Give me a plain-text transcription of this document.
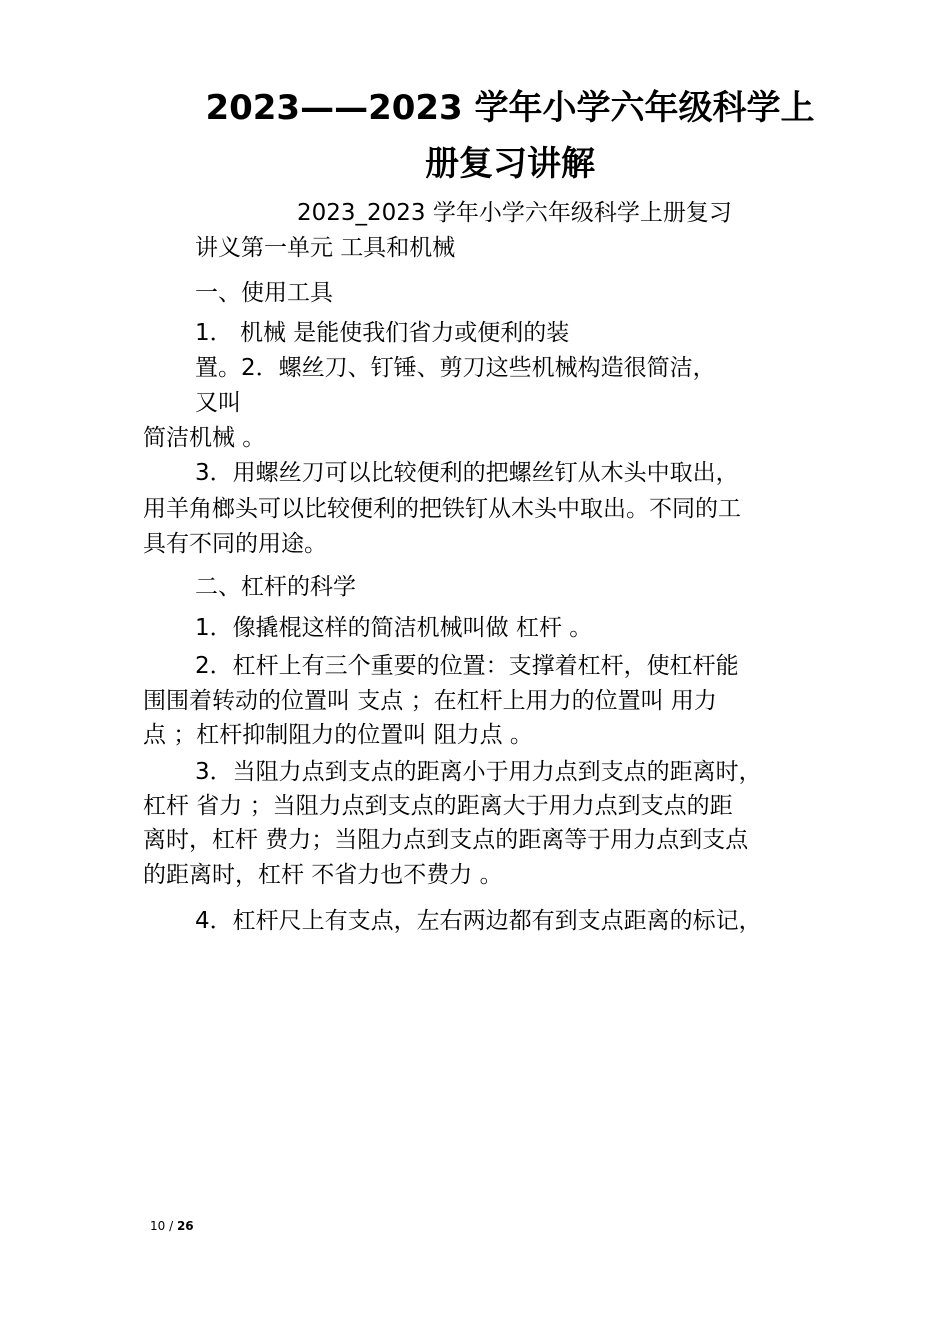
2023——2023 学年小学六年级科学上
册复习讲解
2023_2023 学年小学六年级科学上册复习
讲义第一单元 工具和机械
一、使用工具
1． 机械 是能使我们省力或便利的装
置。2．螺丝刀、钉锤、剪刀这些机械构造很简洁，
又叫
简洁机械 。
3．用螺丝刀可以比较便利的把螺丝钉从木头中取出，
用羊角榔头可以比较便利的把铁钉从木头中取出。不同的工
具有不同的用途。
二、杠杆的科学
1．像撬棍这样的简洁机械叫做 杠杆 。
2．杠杆上有三个重要的位置：支撑着杠杆，使杠杆能
围围着转动的位置叫 支点 ；在杠杆上用力的位置叫 用力
点 ；杠杆抑制阻力的位置叫 阻力点 。
3．当阻力点到支点的距离小于用力点到支点的距离时，
杠杆 省力 ；当阻力点到支点的距离大于用力点到支点的距
离时，杠杆 费力；当阻力点到支点的距离等于用力点到支点
的距离时，杠杆 不省力也不费力 。
4．杠杆尺上有支点，左右两边都有到支点距离的标记，
10 / 26
